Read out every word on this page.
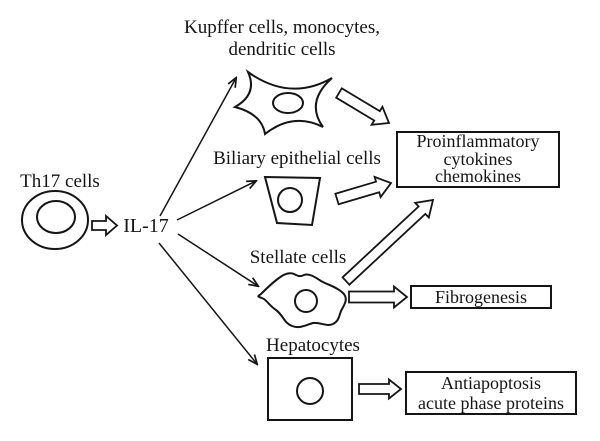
Th17 cells
Kupffer cells, monocytes,
dendritic cells
Biliary epithelial cells
Stellate cells
Hepatocytes
IL-17
Proinflammatory
cytokines
chemokines
Fibrogenesis
Antiapoptosis
acute phase proteins
